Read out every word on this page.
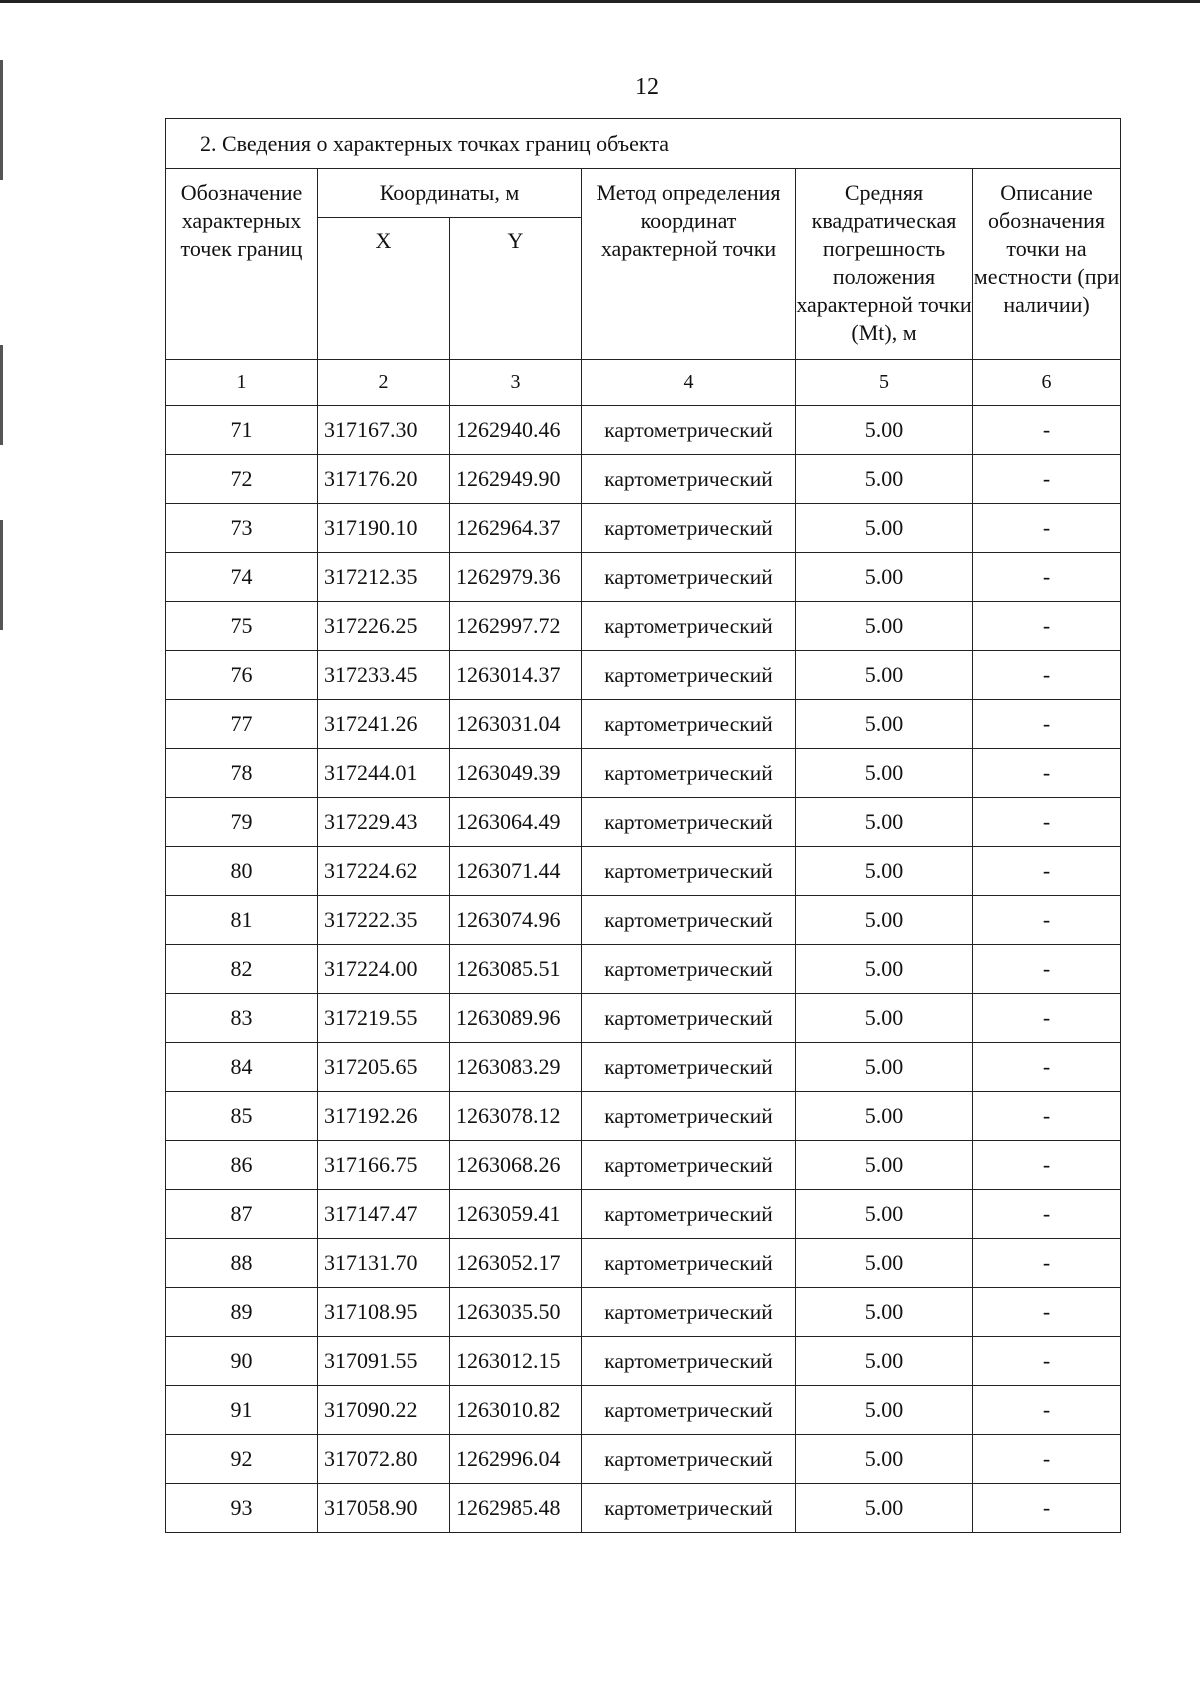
12
2. Сведения о характерных точках границ объекта					
Обозначение характерных точек границ	Координаты, м		Метод определения координат характерной точки	Средняя квадратическая погрешность положения характерной точки (Mt), м	Описание обозначения точки на местности (при наличии)
	X	Y			
1	2	3	4	5	6
71	317167.30	1262940.46	картометрический	5.00	-
72	317176.20	1262949.90	картометрический	5.00	-
73	317190.10	1262964.37	картометрический	5.00	-
74	317212.35	1262979.36	картометрический	5.00	-
75	317226.25	1262997.72	картометрический	5.00	-
76	317233.45	1263014.37	картометрический	5.00	-
77	317241.26	1263031.04	картометрический	5.00	-
78	317244.01	1263049.39	картометрический	5.00	-
79	317229.43	1263064.49	картометрический	5.00	-
80	317224.62	1263071.44	картометрический	5.00	-
81	317222.35	1263074.96	картометрический	5.00	-
82	317224.00	1263085.51	картометрический	5.00	-
83	317219.55	1263089.96	картометрический	5.00	-
84	317205.65	1263083.29	картометрический	5.00	-
85	317192.26	1263078.12	картометрический	5.00	-
86	317166.75	1263068.26	картометрический	5.00	-
87	317147.47	1263059.41	картометрический	5.00	-
88	317131.70	1263052.17	картометрический	5.00	-
89	317108.95	1263035.50	картометрический	5.00	-
90	317091.55	1263012.15	картометрический	5.00	-
91	317090.22	1263010.82	картометрический	5.00	-
92	317072.80	1262996.04	картометрический	5.00	-
93	317058.90	1262985.48	картометрический	5.00	-
